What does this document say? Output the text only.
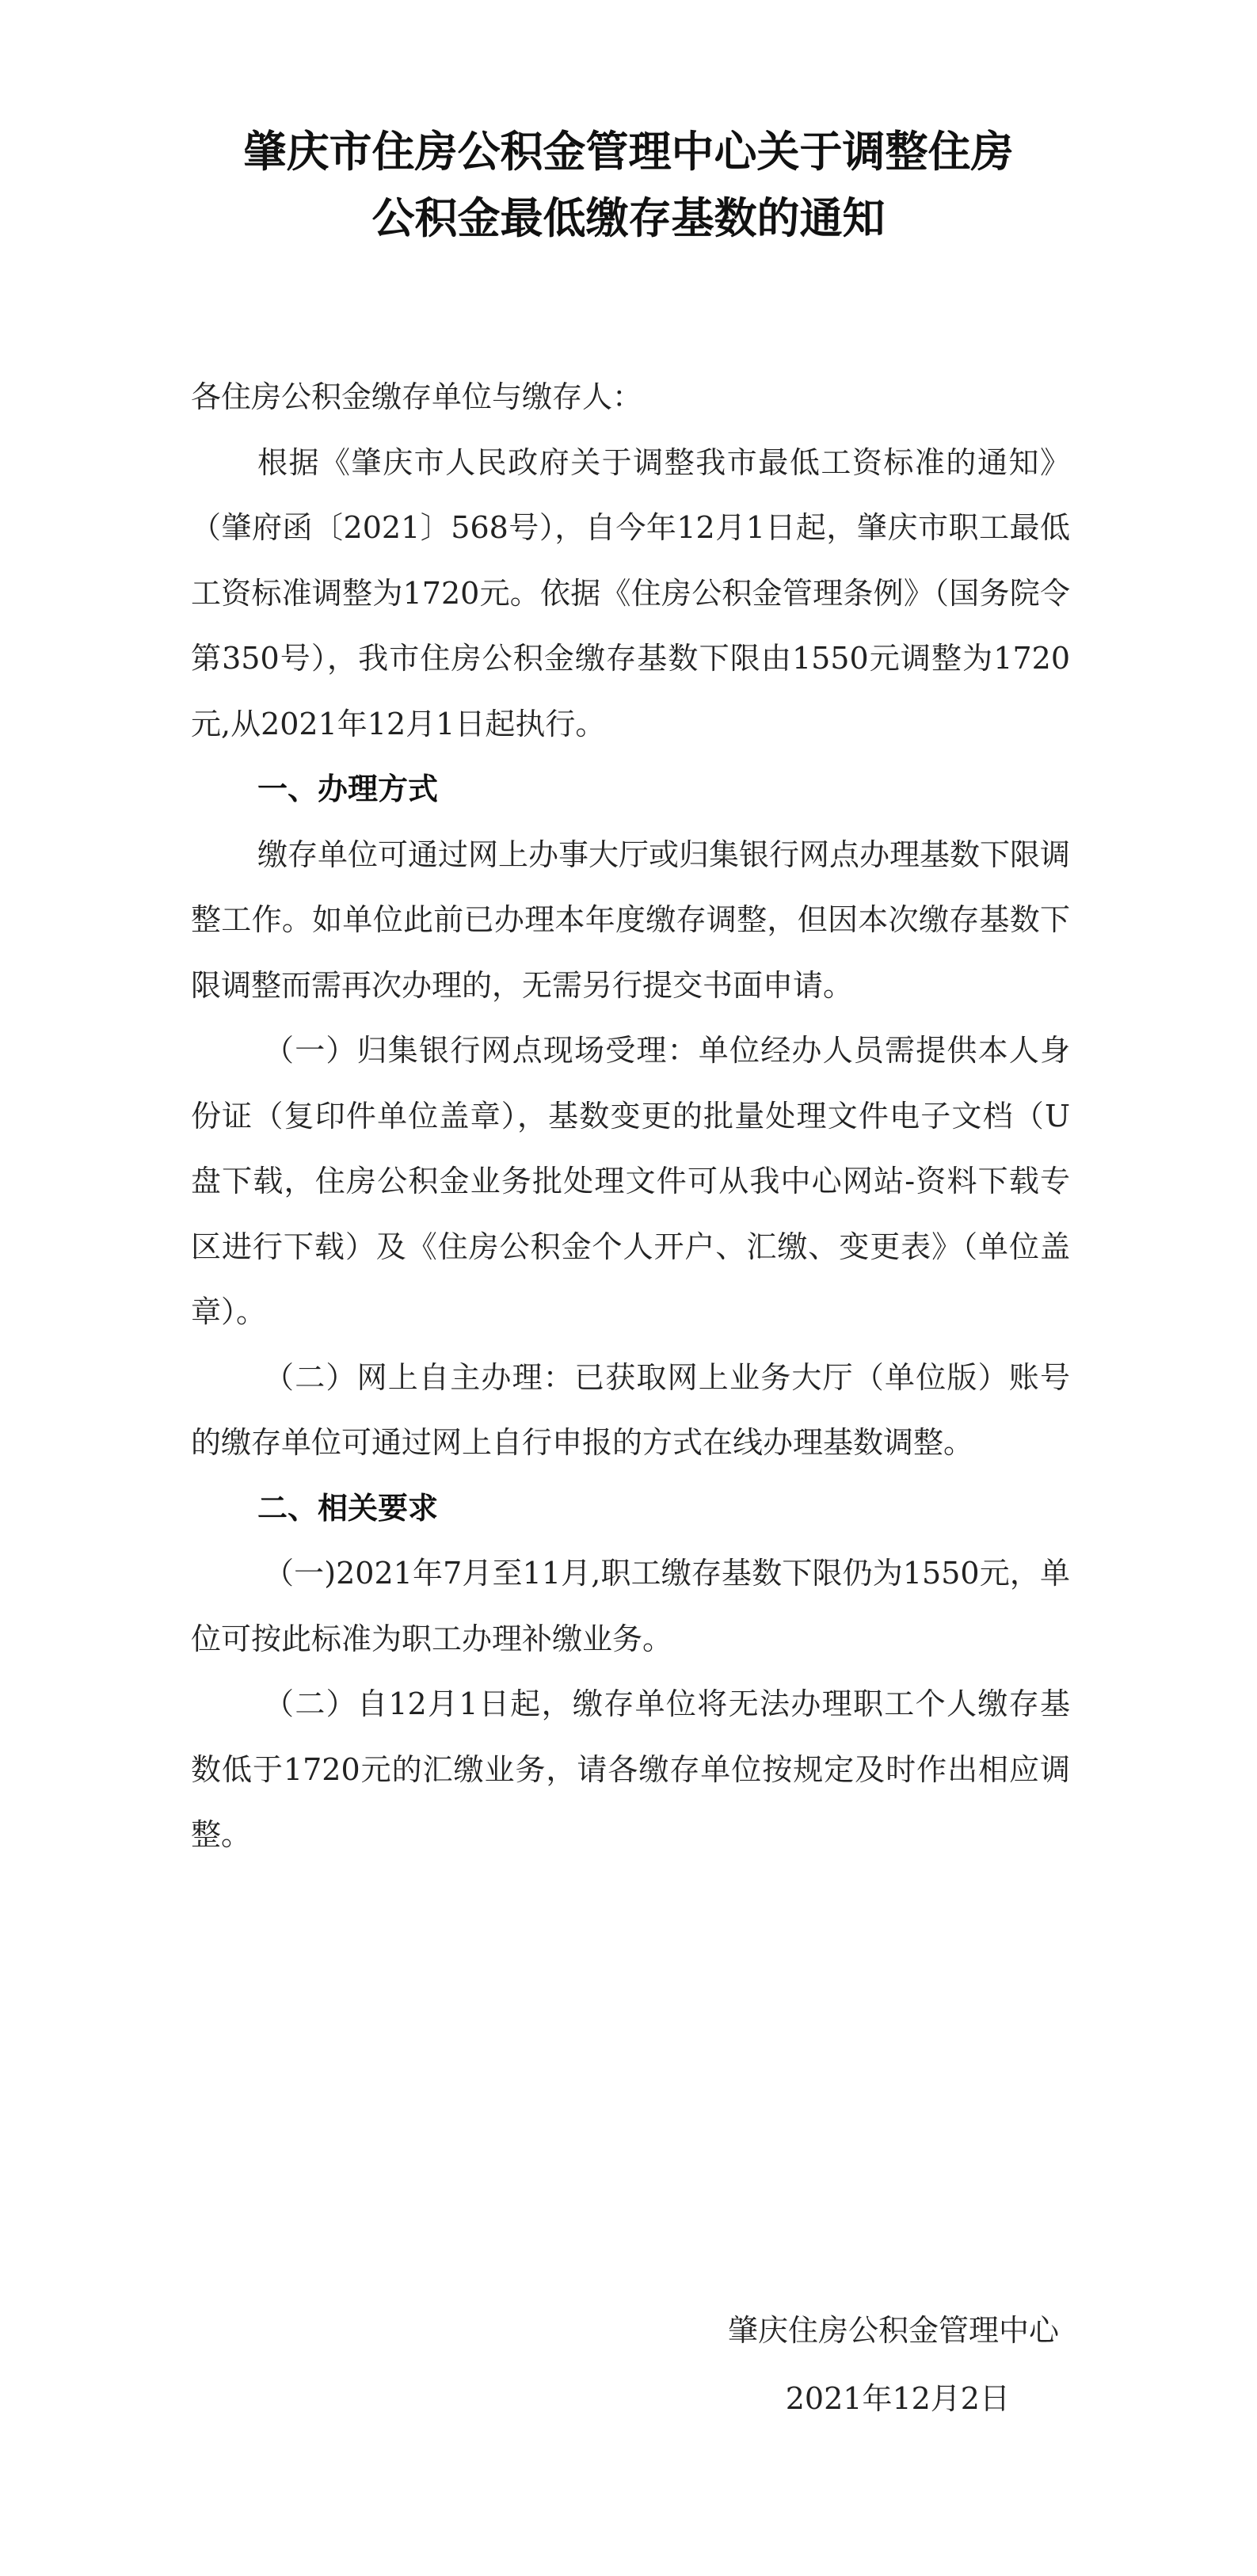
肇庆市住房公积金管理中心关于调整住房
公积金最低缴存基数的通知

各住房公积金缴存单位与缴存人：

根据《肇庆市人民政府关于调整我市最低工资标准的通知》（肇府函〔2021〕568号），自今年12月1日起，肇庆市职工最低工资标准调整为1720元。依据《住房公积金管理条例》（国务院令第350号），我市住房公积金缴存基数下限由1550元调整为1720元,从2021年12月1日起执行。

一、办理方式

缴存单位可通过网上办事大厅或归集银行网点办理基数下限调整工作。如单位此前已办理本年度缴存调整，但因本次缴存基数下限调整而需再次办理的，无需另行提交书面申请。

（一）归集银行网点现场受理：单位经办人员需提供本人身份证（复印件单位盖章），基数变更的批量处理文件电子文档（U盘下载，住房公积金业务批处理文件可从我中心网站-资料下载专区进行下载）及《住房公积金个人开户、汇缴、变更表》（单位盖章）。

（二）网上自主办理：已获取网上业务大厅（单位版）账号的缴存单位可通过网上自行申报的方式在线办理基数调整。

二、相关要求

（一)2021年7月至11月,职工缴存基数下限仍为1550元，单位可按此标准为职工办理补缴业务。

（二）自12月1日起，缴存单位将无法办理职工个人缴存基数低于1720元的汇缴业务，请各缴存单位按规定及时作出相应调整。

肇庆住房公积金管理中心
2021年12月2日
